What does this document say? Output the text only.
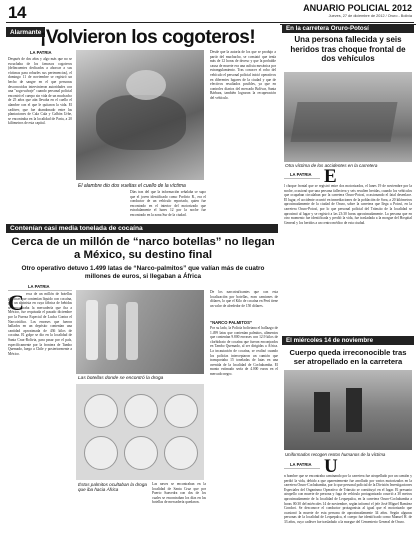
14	ANUARIO POLICIAL 2012
Jueves, 27 de diciembre de 2012 / Oruro - Bolivia
Alarmante
¡Volvieron los cogoteros!
LA PATRIA
Después de dos años y algo más que no se escuchaba de los famosos cogoteros (delincuentes dedicados a ahorcar a sus víctimas para robarles sus pertenencias), el domingo 11 de noviembre se registró un hecho de sangre en el que personas desconocidas intervinieron autoridades con una "soga-salvaje" cuando personal policial encontró el cuerpo sin vida de un muchacho de 25 años que aún llevaba en el cuello el alambre con el que le quitaron la vida. El cadáver, que fue abandonado entre las plantaciones de Cala Cala y Calbón Urbe, se encontraba en la localidad de Paria, a 20 kilómetros de esta capital.
El alambre dio dos vueltas el cuello de la víctima
Días tras del que la información señalaba se supo que el joven identificado como Porfirio R., era el conductor de un vehículo reportado, quien fue encontrado en el interior del motorizado que estrafalamente el lunes 12 por la noche fue encontrado en la zona Sur de la ciudad.
Desde que la autoría de los que se produjo a partir del muchacho, se constató que tenía más de 12 horas de deceso y que la probable causa de muerte era una asfixia mecánica por estrangulamiento. Tras conocer el robo del vehículo el personal policial inició operativos en diferentes lugares de la ciudad y que de efectivos resultados posibles, ya que en controles diarios del mercado Bolívar, Santa Bárbara, también lograron la recuperación del vehículo.
En la carretera Oruro-Potosí
Una persona fallecida y seis heridos tras choque frontal de dos vehículos
Otra víctima de los accidentes en la carretera
LA PATRIA E
l choque frontal que se registró entre dos motorizados, el lunes 19 de noviembre por la noche, ocasionó que una persona falleciera y seis resulten heridas, cuando los vehículos que ocupaban circulaban por la carretera Oruro-Potosí, ocasionando el fatal desenlace. El lugar, el accidente ocurrió en inmediaciones de la población de Sora, a 20 kilómetros aproximadamente de la ciudad de Oruro, sobre la carretera que llega a Potosí, en la carretera Oruro-Potosí, por lo que personal policial del Tránsito de la localidad se aproximó al lugar y se registró a las 23:30 horas aproximadamente. La persona que en otro momento fue identificada y perdió la vida, fue trasladada a la morgue del Hospital General y los heridos a un centro médico de esta ciudad.
El miércoles 14 de noviembre
Cuerpo queda irreconocible tras ser atropellado en la carretera
Uniformados recogen restos humanos de la víctima
LA PATRIA U
n hombre que se encontraba caminando por la carretera fue atropellado por un camión y perdió la vida, debido a que aparentemente fue arrollado por varios motorizados en la carretera Oruro-Cochabamba, por lo que personal policial de la División Investigaciones Especiales del Organismo Operativo de Tránsito se constituyó en el lugar. El presunto atropello con muerte de persona y fuga de vehículo protagonizado ocurrió a 30 metros aproximadamente de la localidad de Lequepalca, en la carretera Oruro-Cochabamba a horas 00:30 del miércoles 14 de noviembre, según informó el jefe José Miguel Ramírez Condori. Se desconoce el conductor protagonista al igual que el motorizado que ocasionó la muerte de esta persona de aproximadamente 34 años. Según algunas personas de la localidad de Lequepalca, el cuerpo fue identificado como Manuel H. de 33 años, cuyo cadáver fue trasladado a la morgue del Cementerio General de Oruro.
Contenían casi media tonelada de cocaína
Cerca de un millón de “narco botellas” no llegan a México, su destino final
Otro operativo detuvo 1.499 latas de “Narco-palmitos” que valían más de cuatro millones de euros, si llegaban a África
LA PATRIA
C erca de un millón de botellas plásticas que contenían líquido con cocaína, por un alpinista en cuya fábrica de bebidas se encontraba la mercadería que iba a México, fue requisada el pasado diciembre por la Fuerza Especial de Lucha Contra el Narcotráfico. Los envases que fueron hallados en un depósito contenían una cantidad aproximada de 436 kilos de cocaína. El golpe se dio en la localidad de Santa Cruz-Bolivia, para pasar por el país, específicamente por la frontera de Tambo Quemado, luego a Chile y posteriormente a México.
Las botellas donde se encontró la droga
Éstos palmitos ocultaban la droga que iba hacia África
Las naves se encontraban en la localidad de Santa Cruz que por Puerto Saavedra con dos de los cuales se encontraban los días en las botellas de mercadería quedaron.
De los narcotraficantes que con esta localización por botellas, eran camiones de dólares, lo que el Kilo de cocaína en Perú tiene un valor de alrededor de 150 dólares.
“NARCO PALMITOS”
Por su lado, la Policía boliviana el hallazgo de 1.499 latas que contenían palmitos, alimentos que contenían 9.800 envases con 12.9 kilos de clorhidrato de cocaína que fueron encontrados en Tambo Quemado, al ser dirigidas a África. La incautación de cocaína, se realizó cuando los policías interceptaron un camión que transportaba 15 toneladas de latas en una avenida de la localidad de Cochabamba. El monto estimado sería de 4.000 euros en el mercado negro.
